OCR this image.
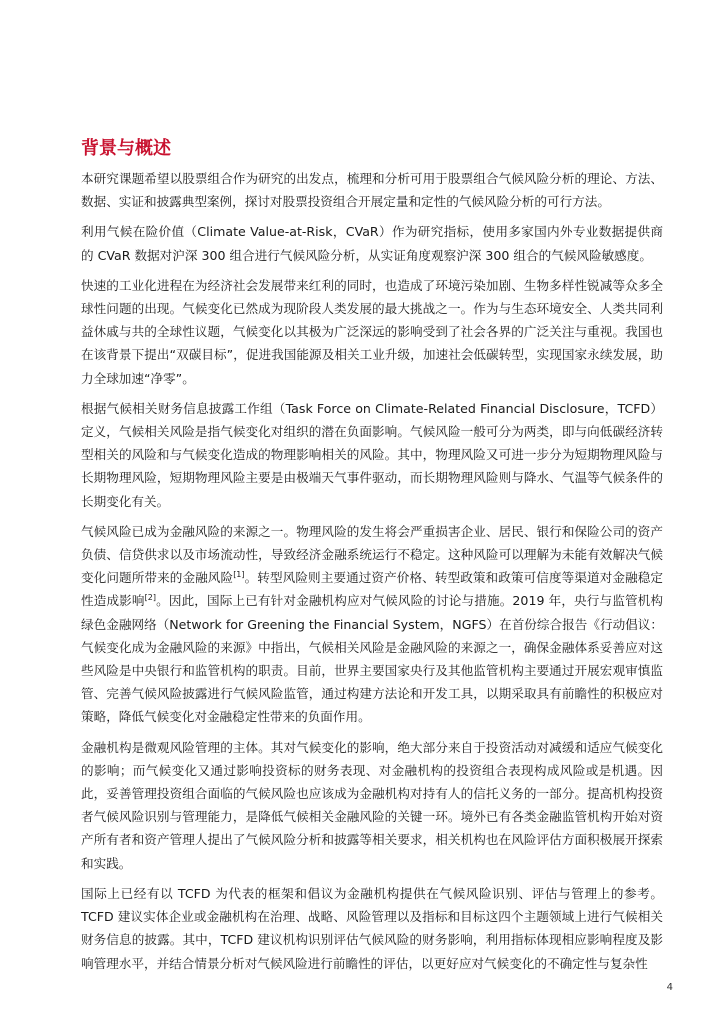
背景与概述

本研究课题希望以股票组合作为研究的出发点，梳理和分析可用于股票组合气候风险分析的理论、方法、数据、实证和披露典型案例，探讨对股票投资组合开展定量和定性的气候风险分析的可行方法。

利用气候在险价值（Climate Value-at-Risk，CVaR）作为研究指标，使用多家国内外专业数据提供商的 CVaR 数据对沪深 300 组合进行气候风险分析，从实证角度观察沪深 300 组合的气候风险敏感度。

快速的工业化进程在为经济社会发展带来红利的同时，也造成了环境污染加剧、生物多样性锐减等众多全球性问题的出现。气候变化已然成为现阶段人类发展的最大挑战之一。作为与生态环境安全、人类共同利益休戚与共的全球性议题，气候变化以其极为广泛深远的影响受到了社会各界的广泛关注与重视。我国也在该背景下提出“双碳目标”，促进我国能源及相关工业升级，加速社会低碳转型，实现国家永续发展，助力全球加速“净零”。

根据气候相关财务信息披露工作组（Task Force on Climate-Related Financial Disclosure，TCFD）定义，气候相关风险是指气候变化对组织的潜在负面影响。气候风险一般可分为两类，即与向低碳经济转型相关的风险和与气候变化造成的物理影响相关的风险。其中，物理风险又可进一步分为短期物理风险与长期物理风险，短期物理风险主要是由极端天气事件驱动，而长期物理风险则与降水、气温等气候条件的长期变化有关。

气候风险已成为金融风险的来源之一。物理风险的发生将会严重损害企业、居民、银行和保险公司的资产负债、信贷供求以及市场流动性，导致经济金融系统运行不稳定。这种风险可以理解为未能有效解决气候变化问题所带来的金融风险[1]。转型风险则主要通过资产价格、转型政策和政策可信度等渠道对金融稳定性造成影响[2]。因此，国际上已有针对金融机构应对气候风险的讨论与措施。2019 年，央行与监管机构绿色金融网络（Network for Greening the Financial System，NGFS）在首份综合报告《行动倡议：气候变化成为金融风险的来源》中指出，气候相关风险是金融风险的来源之一，确保金融体系妥善应对这些风险是中央银行和监管机构的职责。目前，世界主要国家央行及其他监管机构主要通过开展宏观审慎监管、完善气候风险披露进行气候风险监管，通过构建方法论和开发工具，以期采取具有前瞻性的积极应对策略，降低气候变化对金融稳定性带来的负面作用。

金融机构是微观风险管理的主体。其对气候变化的影响，绝大部分来自于投资活动对减缓和适应气候变化的影响；而气候变化又通过影响投资标的财务表现、对金融机构的投资组合表现构成风险或是机遇。因此，妥善管理投资组合面临的气候风险也应该成为金融机构对持有人的信托义务的一部分。提高机构投资者气候风险识别与管理能力，是降低气候相关金融风险的关键一环。境外已有各类金融监管机构开始对资产所有者和资产管理人提出了气候风险分析和披露等相关要求，相关机构也在风险评估方面积极展开探索和实践。

国际上已经有以 TCFD 为代表的框架和倡议为金融机构提供在气候风险识别、评估与管理上的参考。TCFD 建议实体企业或金融机构在治理、战略、风险管理以及指标和目标这四个主题领域上进行气候相关财务信息的披露。其中，TCFD 建议机构识别评估气候风险的财务影响，利用指标体现相应影响程度及影响管理水平，并结合情景分析对气候风险进行前瞻性的评估，以更好应对气候变化的不确定性与复杂性

4
